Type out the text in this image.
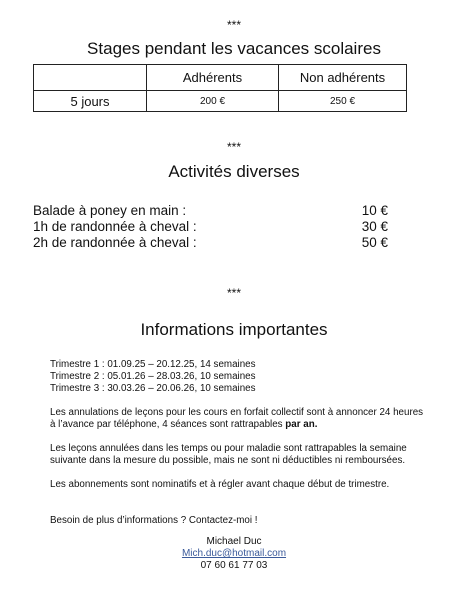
***
Stages pendant les vacances scolaires
	Adhérents	Non adhérents
5 jours	200 €	250 €
***
Activités diverses
Balade à poney en main :	10 €
1h de randonnée à cheval :	30 €
2h de randonnée à cheval :	50 €
***
Informations importantes
Trimestre 1 : 01.09.25 – 20.12.25, 14 semaines
Trimestre 2 : 05.01.26 – 28.03.26, 10 semaines
Trimestre 3 : 30.03.26 – 20.06.26, 10 semaines
Les annulations de leçons pour les cours en forfait collectif sont à annoncer 24 heures à l’avance par téléphone, 4 séances sont rattrapables par an.
Les leçons annulées dans les temps ou pour maladie sont rattrapables la semaine suivante dans la mesure du possible, mais ne sont ni déductibles ni remboursées.
Les abonnements sont nominatifs et à régler avant chaque début de trimestre.
Besoin de plus d’informations ? Contactez-moi !
Michael Duc
Mich.duc@hotmail.com
07 60 61 77 03
